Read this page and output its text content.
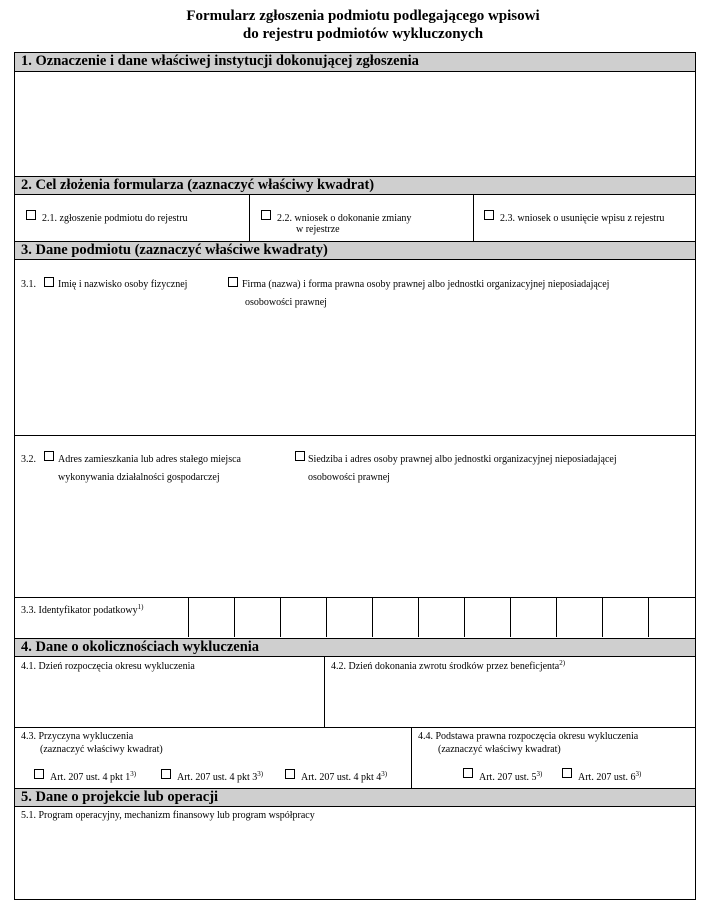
Formularz zgłoszenia podmiotu podlegającego wpisowi
do rejestru podmiotów wykluczonych
1. Oznaczenie i dane właściwej instytucji dokonującej zgłoszenia
2. Cel złożenia formularza (zaznaczyć właściwy kwadrat)
2.1. zgłoszenie podmiotu do rejestru	2.2. wniosek o dokonanie zmiany
w rejestrze
2.3. wniosek o usunięcie wpisu z rejestru
3. Dane podmiotu (zaznaczyć właściwe kwadraty)
3.1. Imię i nazwisko osoby fizycznej	Firma (nazwa) i forma prawna osoby prawnej albo jednostki organizacyjnej nieposiadającej
osobowości prawnej
3.2. Adres zamieszkania lub adres stałego miejsca
wykonywania działalności gospodarczej
Siedziba i adres osoby prawnej albo jednostki organizacyjnej nieposiadającej
osobowości prawnej
3.3. Identyfikator podatkowy$^{1)}$
4. Dane o okolicznościach wykluczenia
4.1. Dzień rozpoczęcia okresu wykluczenia	4.2. Dzień dokonania zwrotu środków przez beneficjenta$^{2)}$
4.3. Przyczyna wykluczenia
(zaznaczyć właściwy kwadrat)
Art. 207 ust. 4 pkt 1$^{3)}$	Art. 207 ust. 4 pkt 3$^{3)}$	Art. 207 ust. 4 pkt 4$^{3)}$
4.4. Podstawa prawna rozpoczęcia okresu wykluczenia
(zaznaczyć właściwy kwadrat)
Art. 207 ust. 5$^{3)}$	Art. 207 ust. 6$^{3)}$
5. Dane o projekcie lub operacji
5.1. Program operacyjny, mechanizm finansowy lub program współpracy
